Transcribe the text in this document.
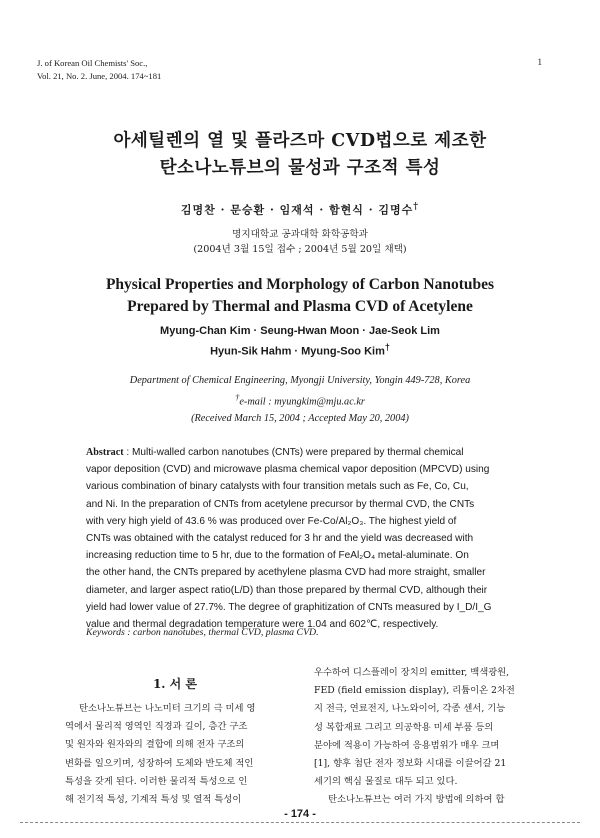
J. of Korean Oil Chemists' Soc.,
Vol. 21, No. 2. June, 2004. 174~181
1
아세틸렌의 열 및 플라즈마 CVD법으로 제조한
탄소나노튜브의 물성과 구조적 특성
김명찬 · 문승환 · 임재석 · 함현식 · 김명수†
명지대학교 공과대학 화학공학과
(2004년 3월 15일 접수 ; 2004년 5월 20일 채택)
Physical Properties and Morphology of Carbon Nanotubes
Prepared by Thermal and Plasma CVD of Acetylene
Myung-Chan Kim · Seung-Hwan Moon · Jae-Seok Lim
Hyun-Sik Hahm · Myung-Soo Kim†
Department of Chemical Engineering, Myongji University, Yongin 449-728, Korea
†e-mail : myungkim@mju.ac.kr
(Received March 15, 2004 ; Accepted May 20, 2004)
Abstract : Multi-walled carbon nanotubes (CNTs) were prepared by thermal chemical
vapor deposition (CVD) and microwave plasma chemical vapor deposition (MPCVD) using
various combination of binary catalysts with four transition metals such as Fe, Co, Cu,
and Ni. In the preparation of CNTs from acetylene precursor by thermal CVD, the CNTs
with very high yield of 43.6 % was produced over Fe-Co/Al₂O₃. The highest yield of
CNTs was obtained with the catalyst reduced for 3 hr and the yield was decreased with
increasing reduction time to 5 hr, due to the formation of FeAl₂O₄ metal-aluminate. On
the other hand, the CNTs prepared by acethylene plasma CVD had more straight, smaller
diameter, and larger aspect ratio(L/D) than those prepared by thermal CVD, although their
yield had lower value of 27.7%. The degree of graphitization of CNTs measured by I_D/I_G
value and thermal degradation temperature were 1.04 and 602℃, respectively.
Keywords : carbon nanotubes, thermal CVD, plasma CVD.
1. 서 론

탄소나노튜브는 나노미터 크기의 극 미세 영

역에서 물리적 영역인 직경과 길이, 층간 구조

및 원자와 원자와의 결합에 의해 전자 구조의

변화를 일으키며, 성장하여 도체와 반도체 적인

특성을 갖게 된다. 이러한 물리적 특성으로 인

해 전기적 특성, 기계적 특성 및 열적 특성이

우수하여 디스플레이 장치의 emitter, 백색광원,

FED (field emission display), 리튬이온 2차전

지 전극, 연료전지, 나노와이어, 각종 센서, 기능

성 복합재료 그리고 의공학용 미세 부품 등의

분야에 적용이 가능하여 응용범위가 매우 크며

[1], 향후 첨단 전자 정보화 시대를 이끌어갈 21

세기의 핵심 물질로 대두 되고 있다.

탄소나노튜브는 여러 가지 방법에 의하여 합

- 174 -
